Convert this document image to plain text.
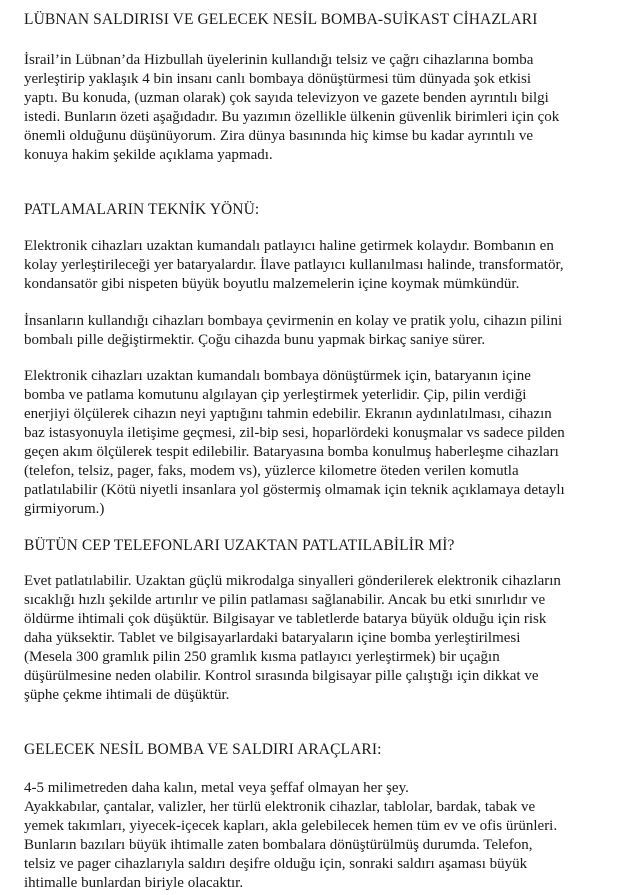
LÜBNAN SALDIRISI VE GELECEK NESİL BOMBA-SUİKAST CİHAZLARI

İsrail’in Lübnan’da Hizbullah üyelerinin kullandığı telsiz ve çağrı cihazlarına bomba
yerleştirip yaklaşık 4 bin insanı canlı bombaya dönüştürmesi tüm dünyada şok etkisi
yaptı. Bu konuda, (uzman olarak) çok sayıda televizyon ve gazete benden ayrıntılı bilgi
istedi. Bunların özeti aşağıdadır. Bu yazımın özellikle ülkenin güvenlik birimleri için çok
önemli olduğunu düşünüyorum. Zira dünya basınında hiç kimse bu kadar ayrıntılı ve
konuya hakim şekilde açıklama yapmadı.

PATLAMALARIN TEKNİK YÖNÜ:

Elektronik cihazları uzaktan kumandalı patlayıcı haline getirmek kolaydır. Bombanın en
kolay yerleştirileceği yer bataryalardır. İlave patlayıcı kullanılması halinde, transformatör,
kondansatör gibi nispeten büyük boyutlu malzemelerin içine koymak mümkündür.

İnsanların kullandığı cihazları bombaya çevirmenin en kolay ve pratik yolu, cihazın pilini
bombalı pille değiştirmektir. Çoğu cihazda bunu yapmak birkaç saniye sürer.

Elektronik cihazları uzaktan kumandalı bombaya dönüştürmek için, bataryanın içine
bomba ve patlama komutunu algılayan çip yerleştirmek yeterlidir. Çip, pilin verdiği
enerjiyi ölçülerek cihazın neyi yaptığını tahmin edebilir. Ekranın aydınlatılması, cihazın
baz istasyonuyla iletişime geçmesi, zil-bip sesi, hoparlördeki konuşmalar vs sadece pilden
geçen akım ölçülerek tespit edilebilir. Bataryasına bomba konulmuş haberleşme cihazları
(telefon, telsiz, pager, faks, modem vs), yüzlerce kilometre öteden verilen komutla
patlatılabilir (Kötü niyetli insanlara yol göstermiş olmamak için teknik açıklamaya detaylı
girmiyorum.)

BÜTÜN CEP TELEFONLARI UZAKTAN PATLATILABİLİR Mİ?

Evet patlatılabilir. Uzaktan güçlü mikrodalga sinyalleri gönderilerek elektronik cihazların
sıcaklığı hızlı şekilde artırılır ve pilin patlaması sağlanabilir. Ancak bu etki sınırlıdır ve
öldürme ihtimali çok düşüktür. Bilgisayar ve tabletlerde batarya büyük olduğu için risk
daha yüksektir. Tablet ve bilgisayarlardaki bataryaların içine bomba yerleştirilmesi
(Mesela 300 gramlık pilin 250 gramlık kısma patlayıcı yerleştirmek) bir uçağın
düşürülmesine neden olabilir. Kontrol sırasında bilgisayar pille çalıştığı için dikkat ve
şüphe çekme ihtimali de düşüktür.

GELECEK NESİL BOMBA VE SALDIRI ARAÇLARI:

4-5 milimetreden daha kalın, metal veya şeffaf olmayan her şey.
Ayakkabılar, çantalar, valizler, her türlü elektronik cihazlar, tablolar, bardak, tabak ve
yemek takımları, yiyecek-içecek kapları, akla gelebilecek hemen tüm ev ve ofis ürünleri.
Bunların bazıları büyük ihtimalle zaten bombalara dönüştürülmüş durumda. Telefon,
telsiz ve pager cihazlarıyla saldırı deşifre olduğu için, sonraki saldırı aşaması büyük
ihtimalle bunlardan biriyle olacaktır.
